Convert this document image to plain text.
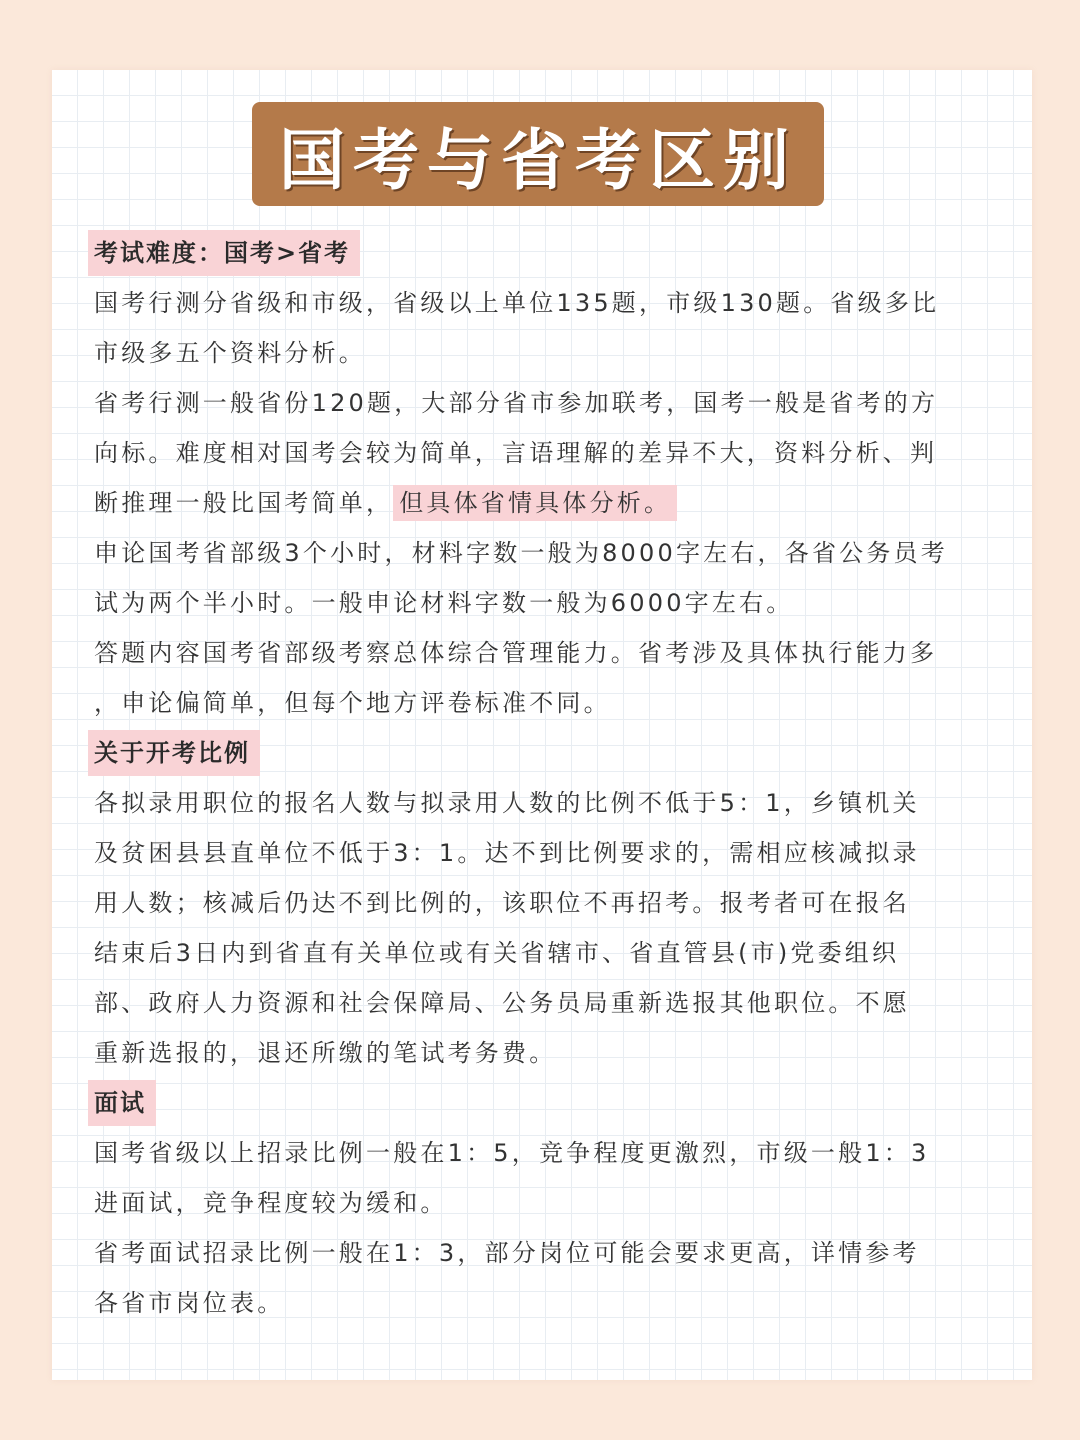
国考与省考区别
考试难度：国考>省考

国考行测分省级和市级，省级以上单位135题，市级130题。省级多比

市级多五个资料分析。

省考行测一般省份120题，大部分省市参加联考，国考一般是省考的方

向标。难度相对国考会较为简单，言语理解的差异不大，资料分析、判

断推理一般比国考简单， 但具体省情具体分析。

申论国考省部级3个小时，材料字数一般为8000字左右，各省公务员考

试为两个半小时。一般申论材料字数一般为6000字左右。

答题内容国考省部级考察总体综合管理能力。省考涉及具体执行能力多

，申论偏简单，但每个地方评卷标准不同。

关于开考比例

各拟录用职位的报名人数与拟录用人数的比例不低于5：1，乡镇机关

及贫困县县直单位不低于3：1。达不到比例要求的，需相应核减拟录

用人数；核减后仍达不到比例的，该职位不再招考。报考者可在报名

结束后3日内到省直有关单位或有关省辖市、省直管县(市)党委组织

部、政府人力资源和社会保障局、公务员局重新选报其他职位。不愿

重新选报的，退还所缴的笔试考务费。

面试

国考省级以上招录比例一般在1：5，竞争程度更激烈，市级一般1：3

进面试，竞争程度较为缓和。

省考面试招录比例一般在1：3，部分岗位可能会要求更高，详情参考

各省市岗位表。
